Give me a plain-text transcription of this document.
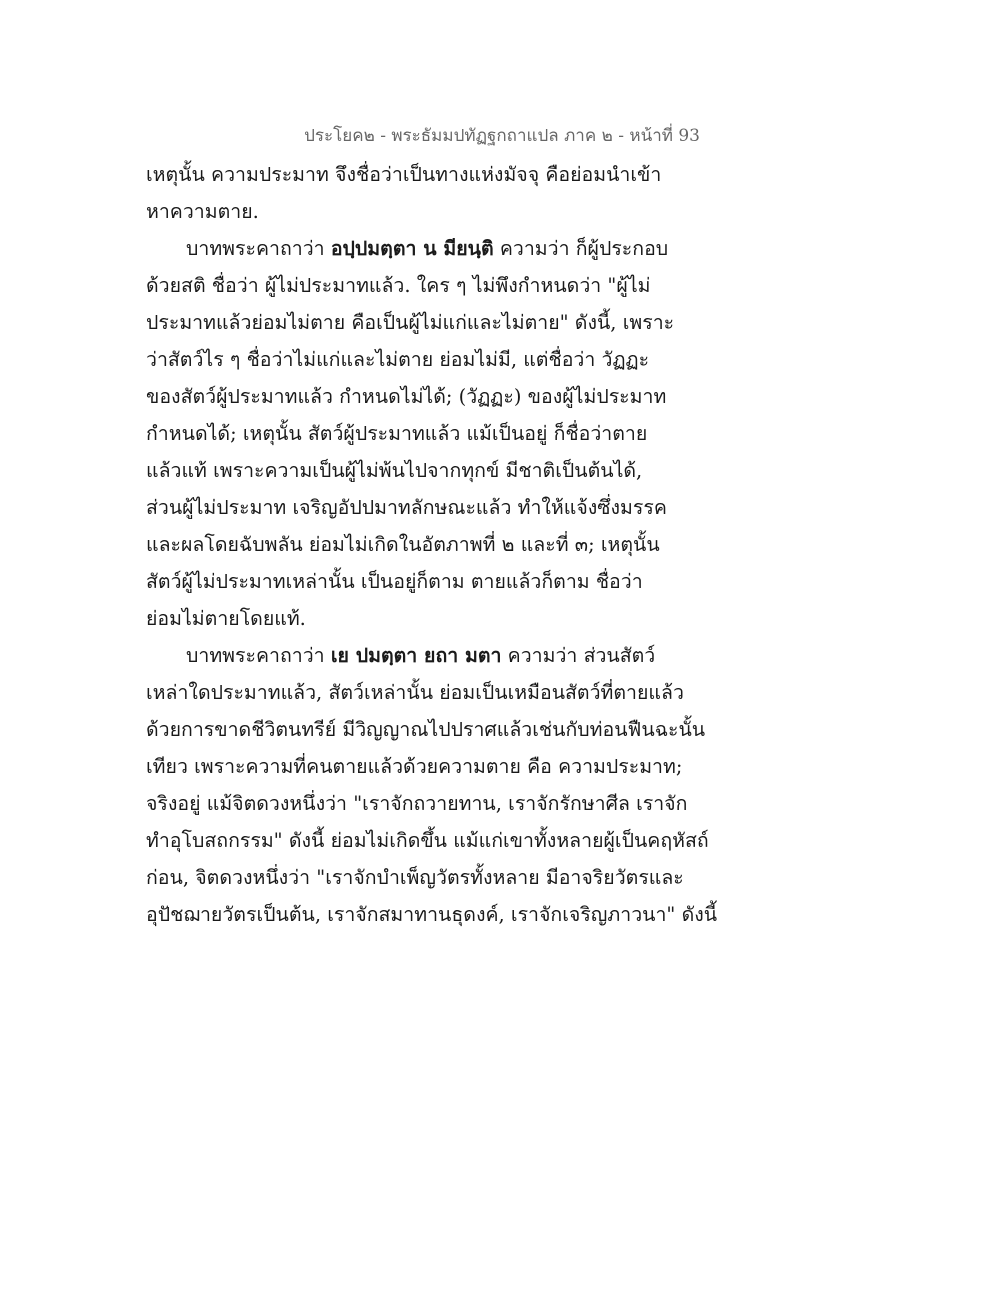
ประโยค๒ - พระธัมมปทัฏฐกถาแปล ภาค ๒ - หน้าที่ 93
เหตุนั้น ความประมาท จึงชื่อว่าเป็นทางแห่งมัจจุ คือย่อมนำเข้า
หาความตาย.
บาทพระคาถาว่า อปฺปมตฺตา น มียนฺติ ความว่า ก็ผู้ประกอบ
ด้วยสติ ชื่อว่า ผู้ไม่ประมาทแล้ว. ใคร ๆ ไม่พึงกำหนดว่า "ผู้ไม่
ประมาทแล้วย่อมไม่ตาย คือเป็นผู้ไม่แก่และไม่ตาย" ดังนี้, เพราะ
ว่าสัตว์ไร ๆ ชื่อว่าไม่แก่และไม่ตาย ย่อมไม่มี, แต่ชื่อว่า วัฏฏะ
ของสัตว์ผู้ประมาทแล้ว กำหนดไม่ได้; (วัฏฏะ) ของผู้ไม่ประมาท
กำหนดได้; เหตุนั้น สัตว์ผู้ประมาทแล้ว แม้เป็นอยู่ ก็ชื่อว่าตาย
แล้วแท้ เพราะความเป็นผู้ไม่พ้นไปจากทุกข์ มีชาติเป็นต้นได้,
ส่วนผู้ไม่ประมาท เจริญอัปปมาทลักษณะแล้ว ทำให้แจ้งซึ่งมรรค
และผลโดยฉับพลัน ย่อมไม่เกิดในอัตภาพที่ ๒ และที่ ๓; เหตุนั้น
สัตว์ผู้ไม่ประมาทเหล่านั้น เป็นอยู่ก็ตาม ตายแล้วก็ตาม ชื่อว่า
ย่อมไม่ตายโดยแท้.
บาทพระคาถาว่า เย ปมตฺตา ยถา มตา ความว่า ส่วนสัตว์
เหล่าใดประมาทแล้ว, สัตว์เหล่านั้น ย่อมเป็นเหมือนสัตว์ที่ตายแล้ว
ด้วยการขาดชีวิตนทรีย์ มีวิญญาณไปปราศแล้วเช่นกับท่อนฟืนฉะนั้น
เทียว เพราะความที่คนตายแล้วด้วยความตาย คือ ความประมาท;
จริงอยู่ แม้จิตดวงหนึ่งว่า "เราจักถวายทาน, เราจักรักษาศีล เราจัก
ทำอุโบสถกรรม" ดังนี้ ย่อมไม่เกิดขึ้น แม้แก่เขาทั้งหลายผู้เป็นคฤหัสถ์
ก่อน, จิตดวงหนึ่งว่า "เราจักบำเพ็ญวัตรทั้งหลาย มีอาจริยวัตรและ
อุปัชฌายวัตรเป็นต้น, เราจักสมาทานธุดงค์, เราจักเจริญภาวนา" ดังนี้
